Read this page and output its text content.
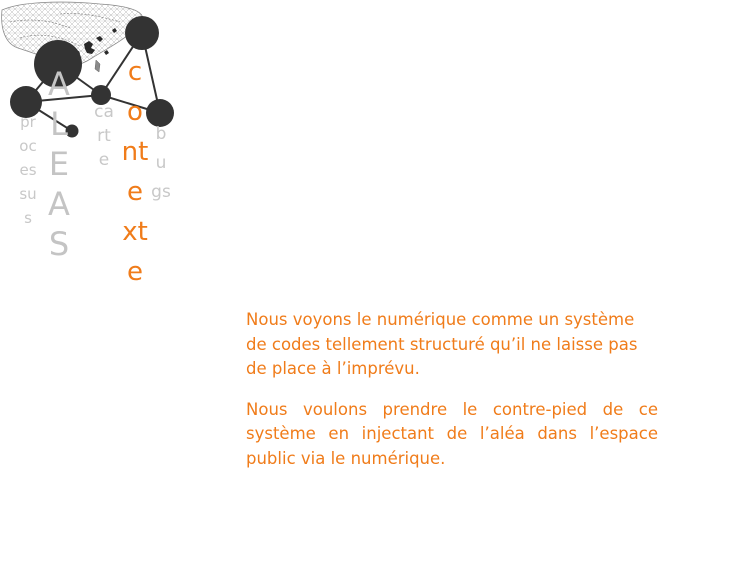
processus
ALEAS
carte
contexte
bugs

Nous voyons le numérique comme un système de codes tellement structuré qu’il ne laisse pas de place à l’imprévu.

Nous voulons prendre le contre-pied de ce système en injectant de l’aléa dans l’espace public via le numérique.
